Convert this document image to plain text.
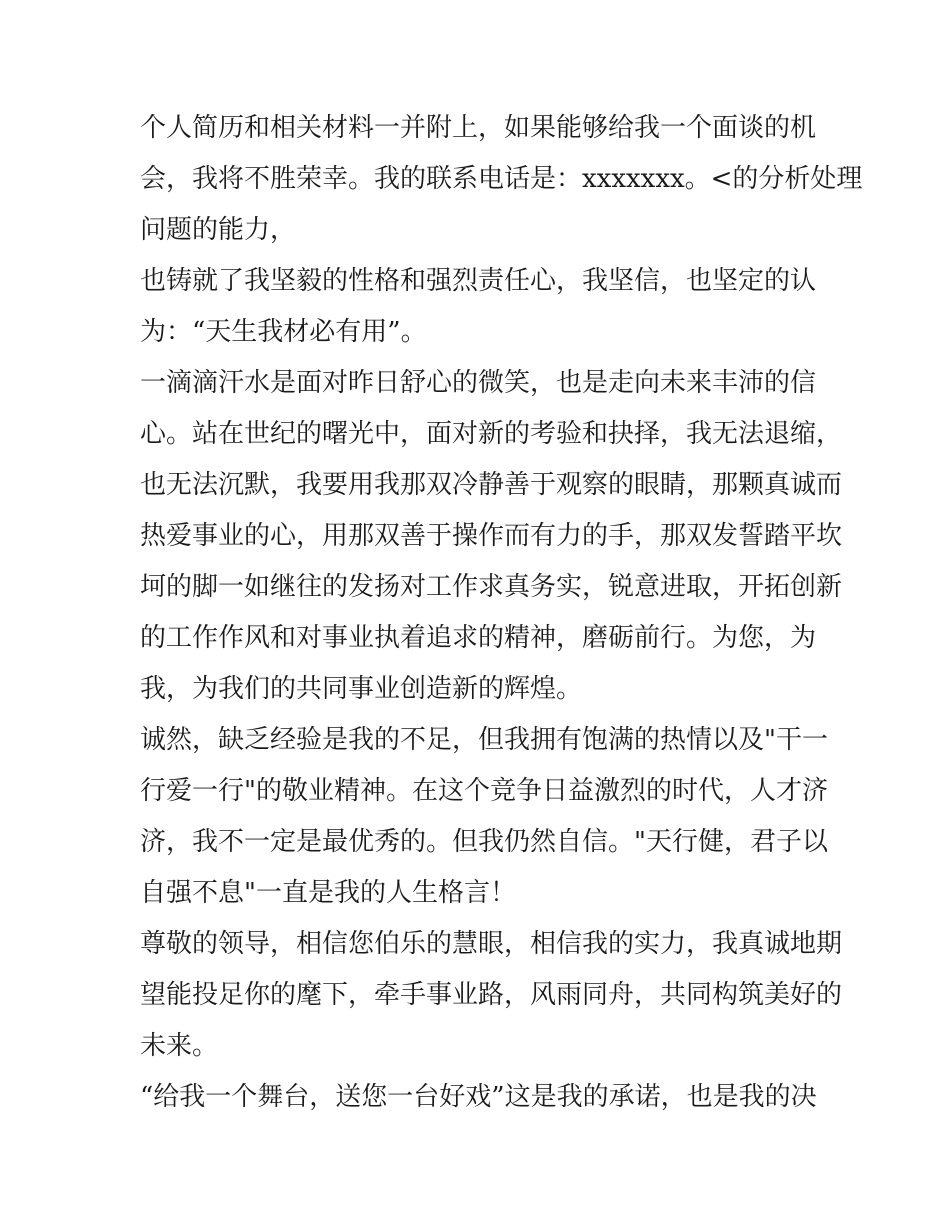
个人简历和相关材料一并附上，如果能够给我一个面谈的机
会，我将不胜荣幸。我的联系电话是：xxxxxxx。<的分析处理
问题的能力，
也铸就了我坚毅的性格和强烈责任心，我坚信，也坚定的认
为：“天生我材必有用”。
一滴滴汗水是面对昨日舒心的微笑，也是走向未来丰沛的信
心。站在世纪的曙光中，面对新的考验和抉择，我无法退缩，
也无法沉默，我要用我那双冷静善于观察的眼睛，那颗真诚而
热爱事业的心，用那双善于操作而有力的手，那双发誓踏平坎
坷的脚一如继往的发扬对工作求真务实，锐意进取，开拓创新
的工作作风和对事业执着追求的精神，磨砺前行。为您，为
我，为我们的共同事业创造新的辉煌。
诚然，缺乏经验是我的不足，但我拥有饱满的热情以及"干一
行爱一行"的敬业精神。在这个竞争日益激烈的时代，人才济
济，我不一定是最优秀的。但我仍然自信。"天行健，君子以
自强不息"一直是我的人生格言！
尊敬的领导，相信您伯乐的慧眼，相信我的实力，我真诚地期
望能投足你的麾下，牵手事业路，风雨同舟，共同构筑美好的
未来。
“给我一个舞台，送您一台好戏”这是我的承诺，也是我的决
